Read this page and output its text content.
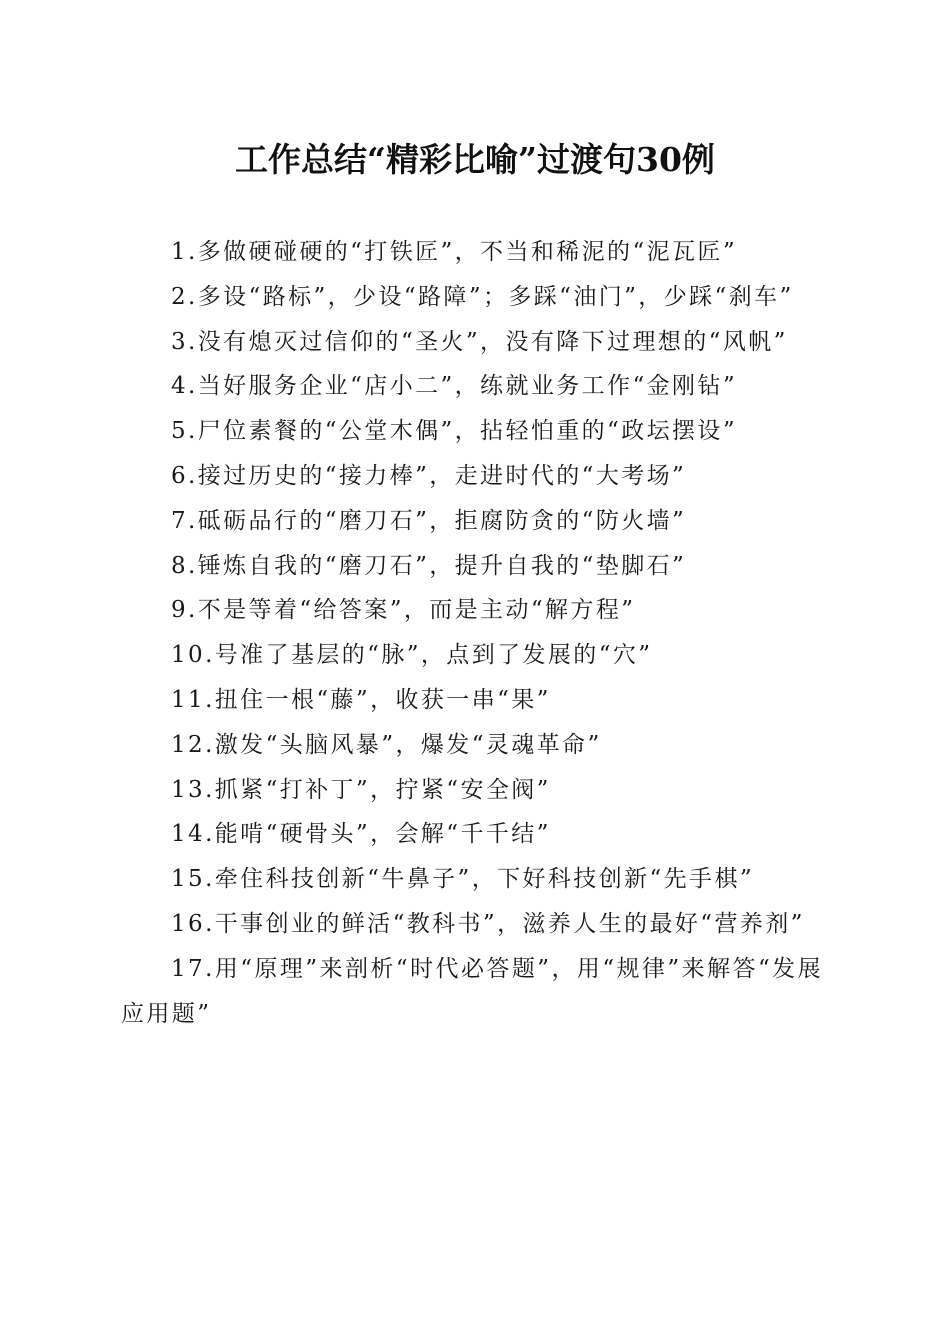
工作总结“精彩比喻”过渡句30例

1.多做硬碰硬的“打铁匠”，不当和稀泥的“泥瓦匠”

2.多设“路标”，少设“路障”；多踩“油门”，少踩“刹车”

3.没有熄灭过信仰的“圣火”，没有降下过理想的“风帆”

4.当好服务企业“店小二”，练就业务工作“金刚钻”

5.尸位素餐的“公堂木偶”，拈轻怕重的“政坛摆设”

6.接过历史的“接力棒”，走进时代的“大考场”

7.砥砺品行的“磨刀石”，拒腐防贪的“防火墙”

8.锤炼自我的“磨刀石”，提升自我的“垫脚石”

9.不是等着“给答案”，而是主动“解方程”

10.号准了基层的“脉”，点到了发展的“穴”

11.扭住一根“藤”，收获一串“果”

12.激发“头脑风暴”，爆发“灵魂革命”

13.抓紧“打补丁”，拧紧“安全阀”

14.能啃“硬骨头”，会解“千千结”

15.牵住科技创新“牛鼻子”，下好科技创新“先手棋”

16.干事创业的鲜活“教科书”，滋养人生的最好“营养剂”

17.用“原理”来剖析“时代必答题”，用“规律”来解答“发展应用题”
